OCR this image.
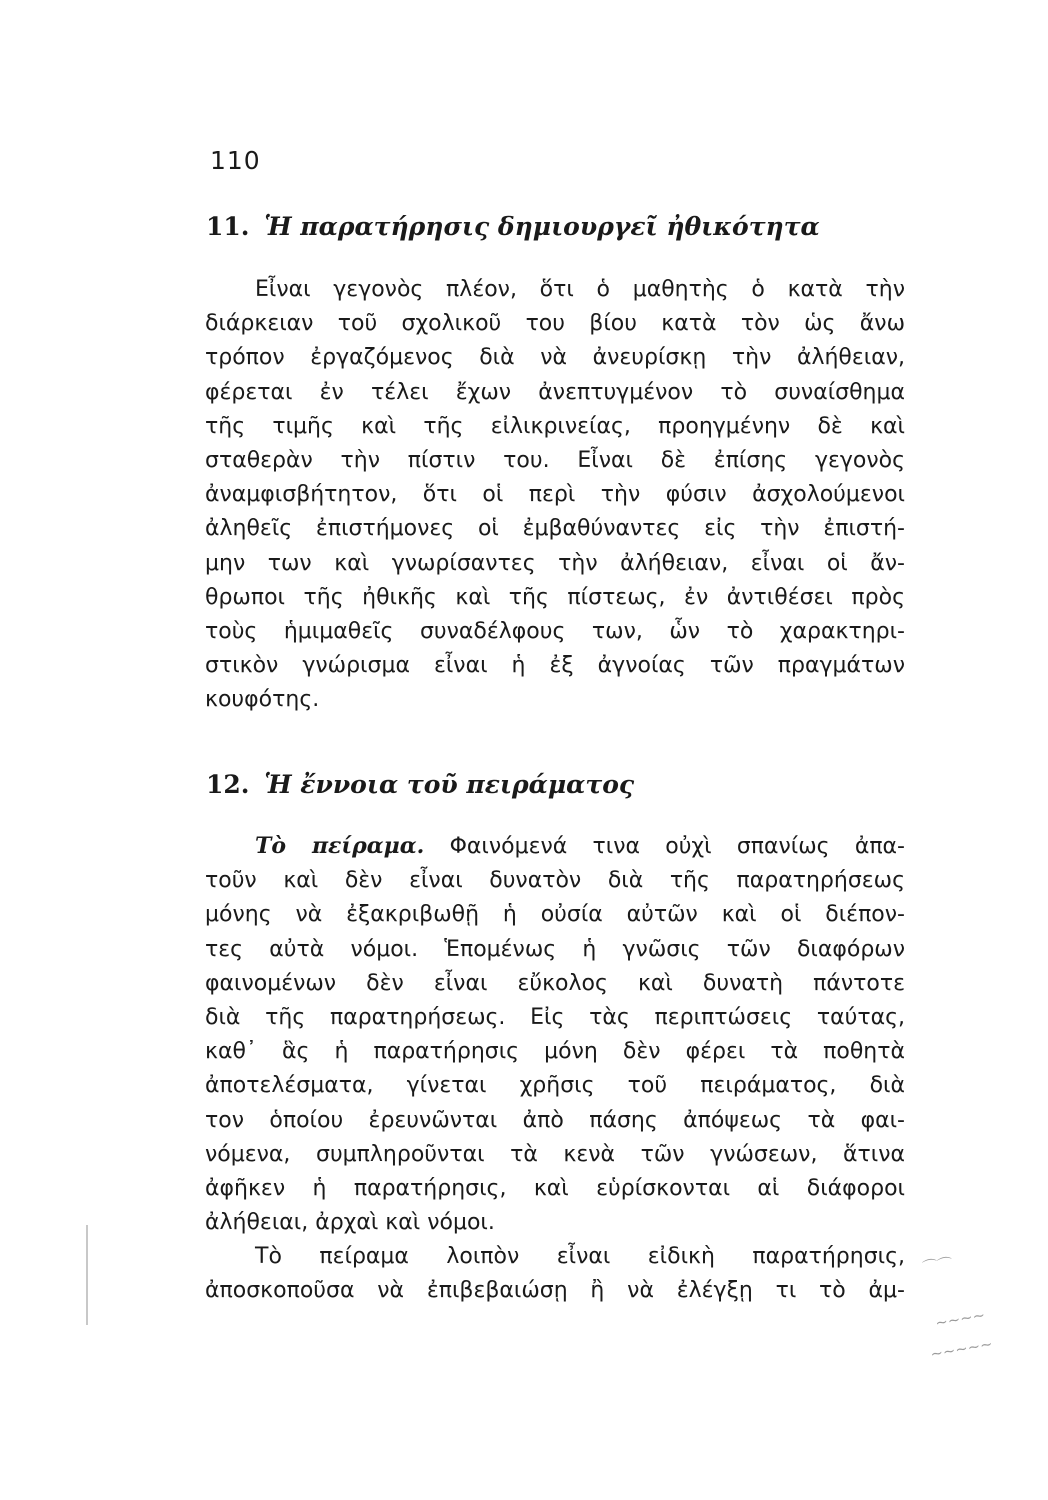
110
11. Ἡ παρατήρησις δημιουργεῖ ἠθικότητα
Εἶναι γεγονὸς πλέον, ὅτι ὁ μαθητὴς ὁ κατὰ τὴν
διάρκειαν τοῦ σχολικοῦ του βίου κατὰ τὸν ὡς ἄνω
τρόπον ἐργαζόμενος διὰ νὰ ἀνευρίσκῃ τὴν ἀλήθειαν,
φέρεται ἐν τέλει ἔχων ἀνεπτυγμένον τὸ συναίσθημα
τῆς τιμῆς καὶ τῆς εἰλικρινείας, προηγμένην δὲ καὶ
σταθερὰν τὴν πίστιν του. Εἶναι δὲ ἐπίσης γεγονὸς
ἀναμφισβήτητον, ὅτι οἱ περὶ τὴν φύσιν ἀσχολούμενοι
ἀληθεῖς ἐπιστήμονες οἱ ἐμβαθύναντες εἰς τὴν ἐπιστή-
μην των καὶ γνωρίσαντες τὴν ἀλήθειαν, εἶναι οἱ ἄν-
θρωποι τῆς ἠθικῆς καὶ τῆς πίστεως, ἐν ἀντιθέσει πρὸς
τοὺς ἡμιμαθεῖς συναδέλφους των, ὧν τὸ χαρακτηρι-
στικὸν γνώρισμα εἶναι ἡ ἐξ ἀγνοίας τῶν πραγμάτων
κουφότης.
12. Ἡ ἔννοια τοῦ πειράματος
Τὸ πείραμα. Φαινόμενά τινα οὐχὶ σπανίως ἀπα-
τοῦν καὶ δὲν εἶναι δυνατὸν διὰ τῆς παρατηρήσεως
μόνης νὰ ἐξακριβωθῇ ἡ οὐσία αὐτῶν καὶ οἱ διέπον-
τες αὐτὰ νόμοι. Ἑπομένως ἡ γνῶσις τῶν διαφόρων
φαινομένων δὲν εἶναι εὔκολος καὶ δυνατὴ πάντοτε
διὰ τῆς παρατηρήσεως. Εἰς τὰς περιπτώσεις ταύτας,
καθ᾿ ἃς ἡ παρατήρησις μόνη δὲν φέρει τὰ ποθητὰ
ἀποτελέσματα, γίνεται χρῆσις τοῦ πειράματος, διὰ
τον ὁποίου ἐρευνῶνται ἀπὸ πάσης ἀπόψεως τὰ φαι-
νόμενα, συμπληροῦνται τὰ κενὰ τῶν γνώσεων, ἅτινα
ἀφῆκεν ἡ παρατήρησις, καὶ εὑρίσκονται αἱ διάφοροι
ἀλήθειαι, ἀρχαὶ καὶ νόμοι.
Τὸ πείραμα λοιπὸν εἶναι εἰδικὴ παρατήρησις,
ἀποσκοποῦσα νὰ ἐπιβεβαιώσῃ ἢ νὰ ἐλέγξῃ τι τὸ ἀμ-
⌒⌒
~~~~
~~~~~
